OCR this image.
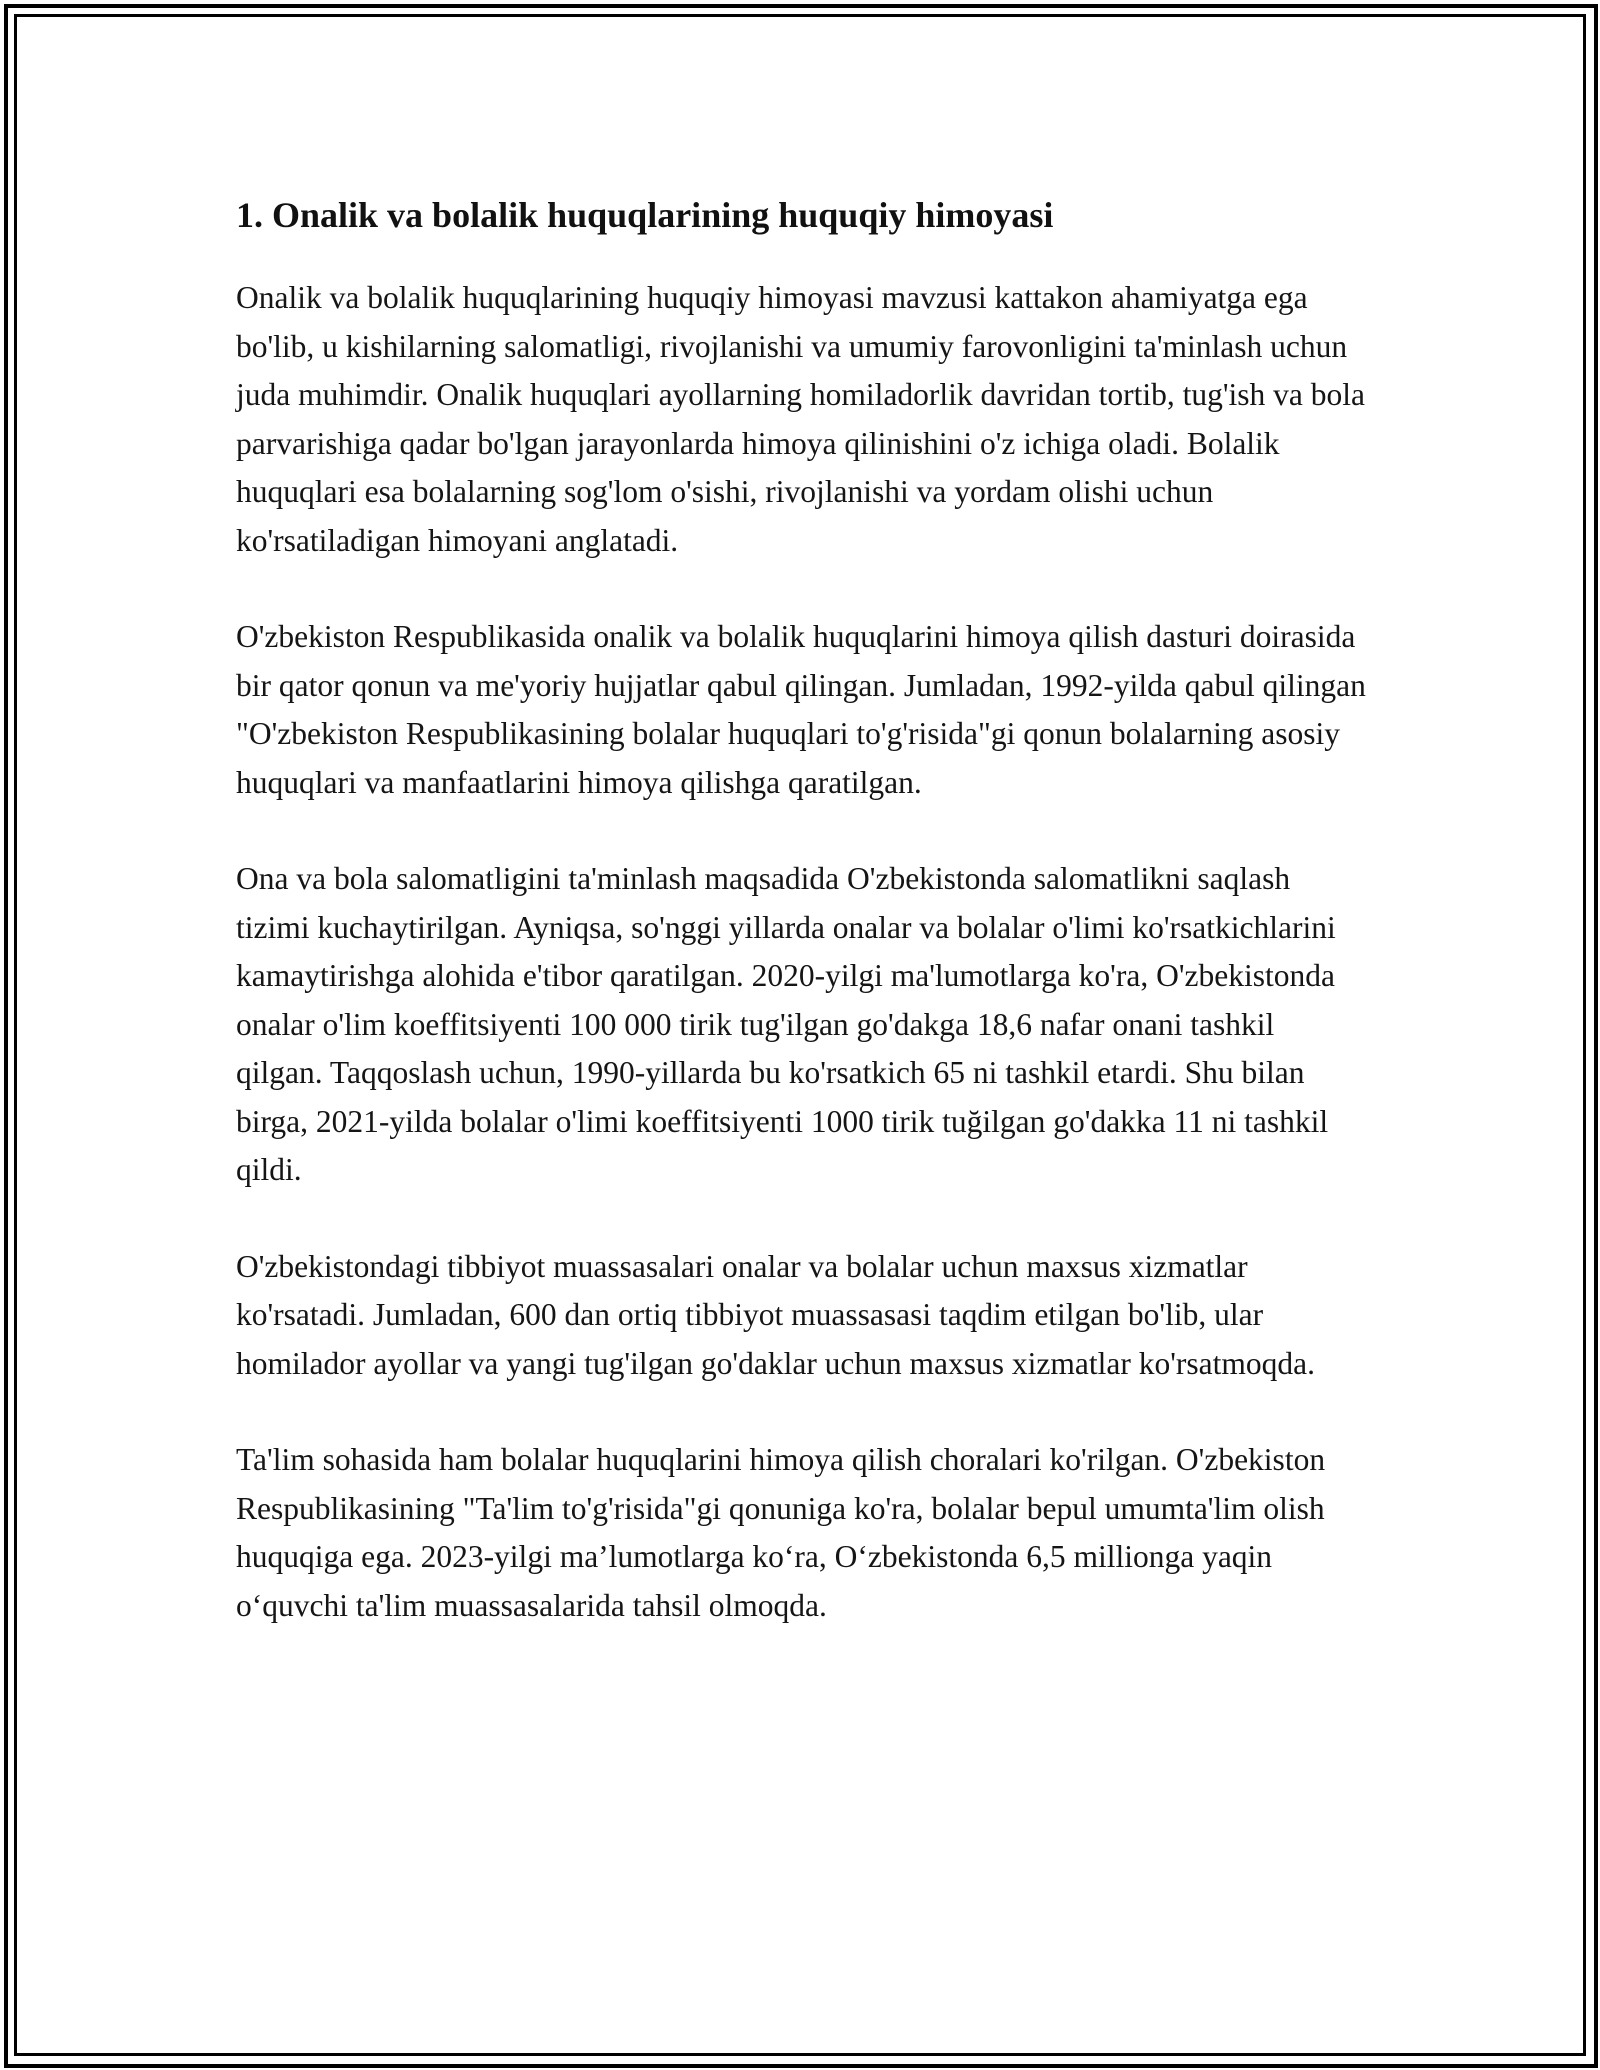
1. Onalik va bolalik huquqlarining huquqiy himoyasi

Onalik va bolalik huquqlarining huquqiy himoyasi mavzusi kattakon ahamiyatga ega bo'lib, u kishilarning salomatligi, rivojlanishi va umumiy farovonligini ta'minlash uchun juda muhimdir. Onalik huquqlari ayollarning homiladorlik davridan tortib, tug'ish va bola parvarishiga qadar bo'lgan jarayonlarda himoya qilinishini o'z ichiga oladi. Bolalik huquqlari esa bolalarning sog'lom o'sishi, rivojlanishi va yordam olishi uchun ko'rsatiladigan himoyani anglatadi.

O'zbekiston Respublikasida onalik va bolalik huquqlarini himoya qilish dasturi doirasida bir qator qonun va me'yoriy hujjatlar qabul qilingan. Jumladan, 1992-yilda qabul qilingan "O'zbekiston Respublikasining bolalar huquqlari to'g'risida"gi qonun bolalarning asosiy huquqlari va manfaatlarini himoya qilishga qaratilgan.

Ona va bola salomatligini ta'minlash maqsadida O'zbekistonda salomatlikni saqlash tizimi kuchaytirilgan. Ayniqsa, so'nggi yillarda onalar va bolalar o'limi ko'rsatkichlarini kamaytirishga alohida e'tibor qaratilgan. 2020-yilgi ma'lumotlarga ko'ra, O'zbekistonda onalar o'lim koeffitsiyenti 100 000 tirik tug'ilgan go'dakga 18,6 nafar onani tashkil qilgan. Taqqoslash uchun, 1990-yillarda bu ko'rsatkich 65 ni tashkil etardi. Shu bilan birga, 2021-yilda bolalar o'limi koeffitsiyenti 1000 tirik tuğilgan go'dakka 11 ni tashkil qildi.

O'zbekistondagi tibbiyot muassasalari onalar va bolalar uchun maxsus xizmatlar ko'rsatadi. Jumladan, 600 dan ortiq tibbiyot muassasasi taqdim etilgan bo'lib, ular homilador ayollar va yangi tug'ilgan go'daklar uchun maxsus xizmatlar ko'rsatmoqda.

Ta'lim sohasida ham bolalar huquqlarini himoya qilish choralari ko'rilgan. O'zbekiston Respublikasining "Ta'lim to'g'risida"gi qonuniga ko'ra, bolalar bepul umumta'lim olish huquqiga ega. 2023-yilgi ma’lumotlarga ko‘ra, O‘zbekistonda 6,5 millionga yaqin o‘quvchi ta'lim muassasalarida tahsil olmoqda.
